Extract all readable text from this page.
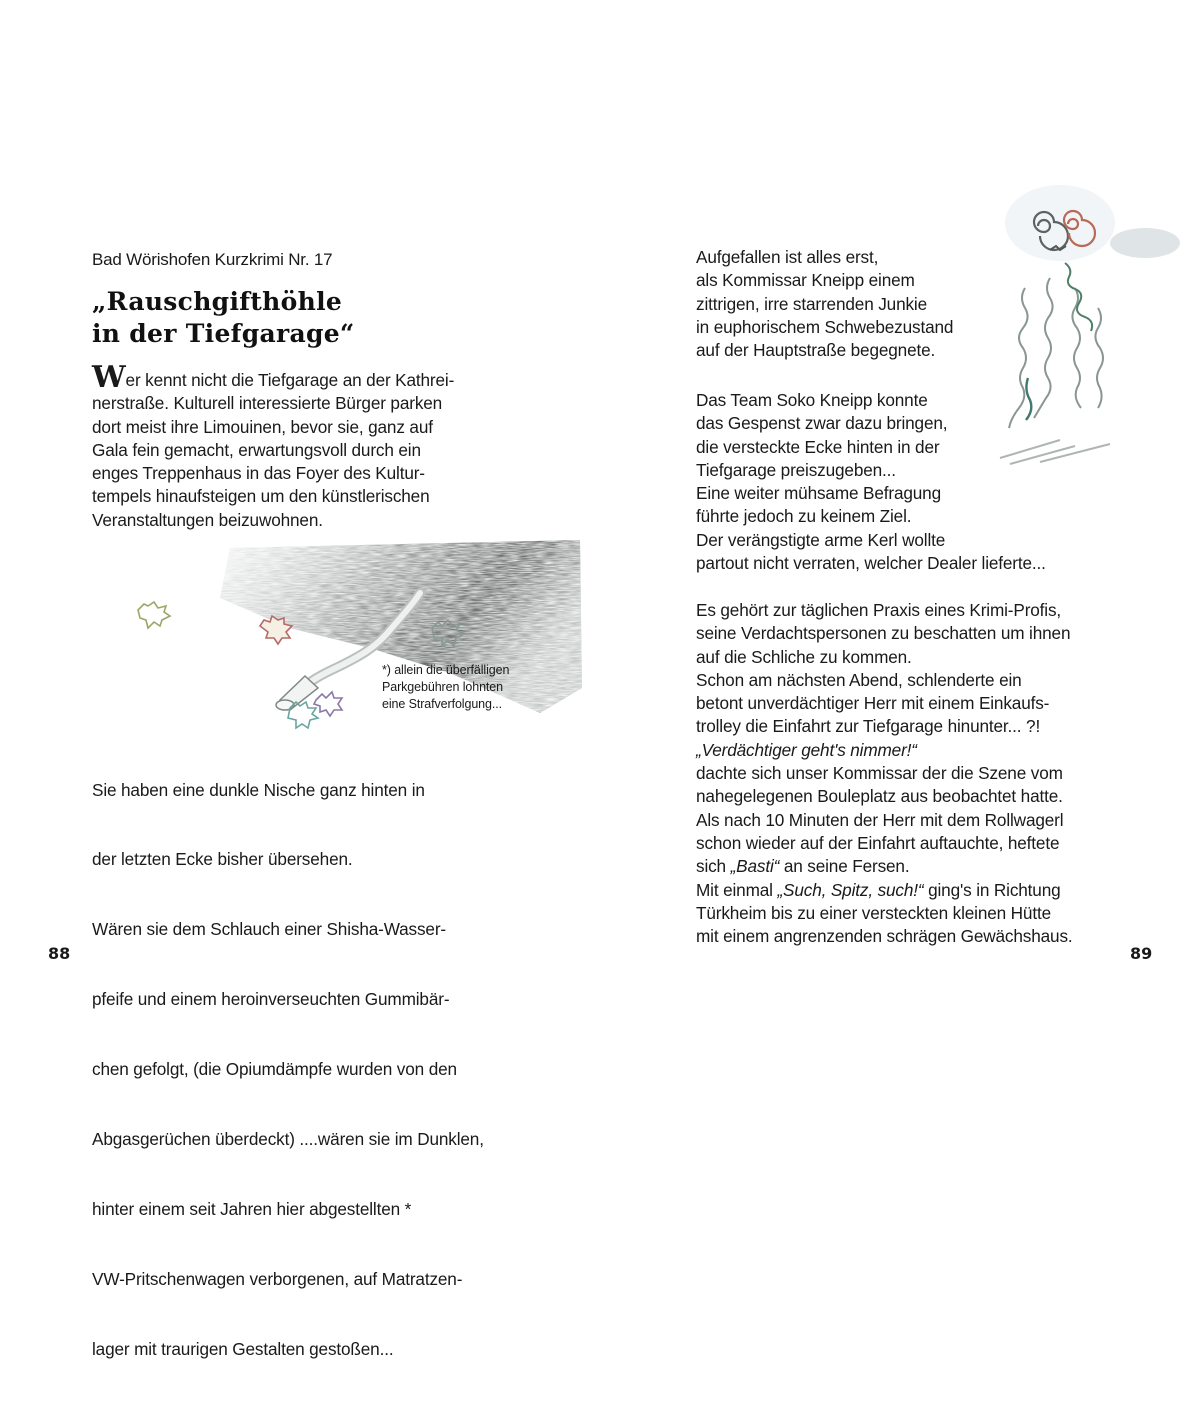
Bad Wörishofen Kurzkrimi Nr. 17
„Rauschgifthöhle
in der Tiefgarage“
Wer kennt nicht die Tiefgarage an der Kathrei-
nerstraße. Kulturell interessierte Bürger parken
dort meist ihre Limouinen, bevor sie, ganz auf
Gala fein gemacht, erwartungsvoll durch ein
enges Treppenhaus in das Foyer des Kultur-
tempels hinaufsteigen um den künstlerischen
Veranstaltungen beizuwohnen.
*) allein die überfälligen
Parkgebühren lohnten
eine Strafverfolgung...

Sie haben eine dunkle Nische ganz hinten in

der letzten Ecke bisher übersehen.

Wären sie dem Schlauch einer Shisha-Wasser-

pfeife und einem heroinverseuchten Gummibär-

chen gefolgt, (die Opiumdämpfe wurden von den

Abgasgerüchen überdeckt) ....wären sie im Dunklen,

hinter einem seit Jahren hier abgestellten *

VW-Pritschenwagen verborgenen, auf Matratzen-

lager mit traurigen Gestalten gestoßen...

88
Aufgefallen ist alles erst,
als Kommissar Kneipp einem
zittrigen, irre starrenden Junkie
in euphorischem Schwebezustand
auf der Hauptstraße begegnete.
Das Team Soko Kneipp konnte
das Gespenst zwar dazu bringen,
die versteckte Ecke hinten in der
Tiefgarage preiszugeben...
Eine weiter mühsame Befragung
führte jedoch zu keinem Ziel.
Der verängstigte arme Kerl wollte
partout nicht verraten, welcher Dealer lieferte...
Es gehört zur täglichen Praxis eines Krimi-Profis,
seine Verdachtspersonen zu beschatten um ihnen
auf die Schliche zu kommen.
Schon am nächsten Abend, schlenderte ein
betont unverdächtiger Herr mit einem Einkaufs-
trolley die Einfahrt zur Tiefgarage hinunter... ?!
„Verdächtiger geht's nimmer!“
dachte sich unser Kommissar der die Szene vom
nahegelegenen Bouleplatz aus beobachtet hatte.
Als nach 10 Minuten der Herr mit dem Rollwagerl
schon wieder auf der Einfahrt auftauchte, heftete
sich „Basti“ an seine Fersen.
Mit einmal „Such, Spitz, such!“ ging's in Richtung
Türkheim bis zu einer versteckten kleinen Hütte
mit einem angrenzenden schrägen Gewächshaus.
89
